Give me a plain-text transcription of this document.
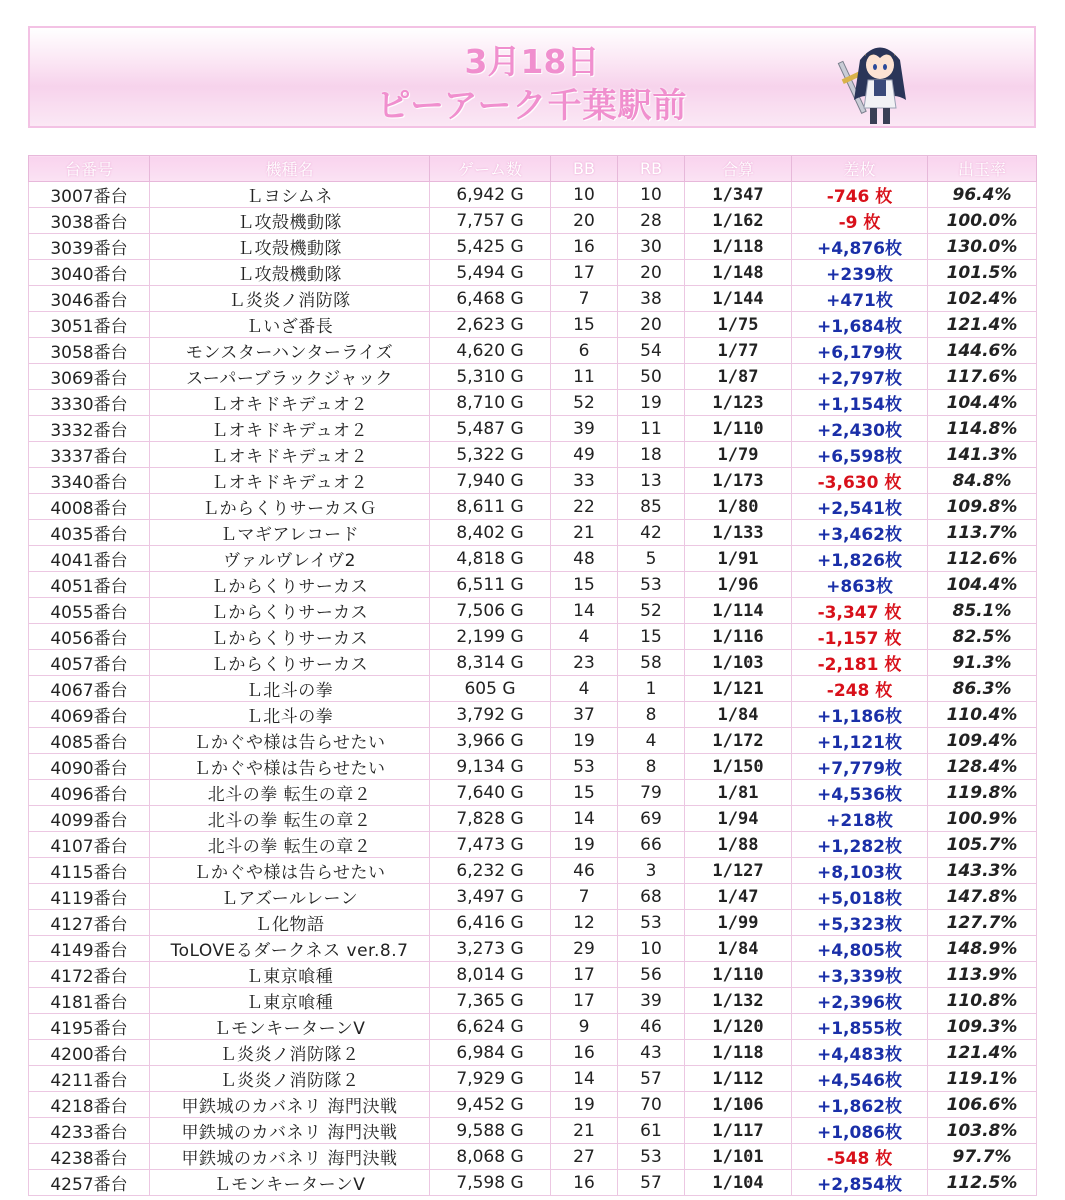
3月18日
ピーアーク千葉駅前
台番号	機種名	ゲーム数	BB	RB	合算	差枚	出玉率
3007番台	Ｌヨシムネ	6,942 G	10	10	1/347	-746 枚	96.4%
3038番台	Ｌ攻殻機動隊	7,757 G	20	28	1/162	-9 枚	100.0%
3039番台	Ｌ攻殻機動隊	5,425 G	16	30	1/118	+4,876枚	130.0%
3040番台	Ｌ攻殻機動隊	5,494 G	17	20	1/148	+239枚	101.5%
3046番台	Ｌ炎炎ノ消防隊	6,468 G	7	38	1/144	+471枚	102.4%
3051番台	Ｌいざ番長	2,623 G	15	20	1/75	+1,684枚	121.4%
3058番台	モンスターハンターライズ	4,620 G	6	54	1/77	+6,179枚	144.6%
3069番台	スーパーブラックジャック	5,310 G	11	50	1/87	+2,797枚	117.6%
3330番台	Ｌオキドキデュオ２	8,710 G	52	19	1/123	+1,154枚	104.4%
3332番台	Ｌオキドキデュオ２	5,487 G	39	11	1/110	+2,430枚	114.8%
3337番台	Ｌオキドキデュオ２	5,322 G	49	18	1/79	+6,598枚	141.3%
3340番台	Ｌオキドキデュオ２	7,940 G	33	13	1/173	-3,630 枚	84.8%
4008番台	ＬからくりサーカスＧ	8,611 G	22	85	1/80	+2,541枚	109.8%
4035番台	Ｌマギアレコード	8,402 G	21	42	1/133	+3,462枚	113.7%
4041番台	ヴァルヴレイヴ2	4,818 G	48	5	1/91	+1,826枚	112.6%
4051番台	Ｌからくりサーカス	6,511 G	15	53	1/96	+863枚	104.4%
4055番台	Ｌからくりサーカス	7,506 G	14	52	1/114	-3,347 枚	85.1%
4056番台	Ｌからくりサーカス	2,199 G	4	15	1/116	-1,157 枚	82.5%
4057番台	Ｌからくりサーカス	8,314 G	23	58	1/103	-2,181 枚	91.3%
4067番台	Ｌ北斗の拳	605 G	4	1	1/121	-248 枚	86.3%
4069番台	Ｌ北斗の拳	3,792 G	37	8	1/84	+1,186枚	110.4%
4085番台	Ｌかぐや様は告らせたい	3,966 G	19	4	1/172	+1,121枚	109.4%
4090番台	Ｌかぐや様は告らせたい	9,134 G	53	8	1/150	+7,779枚	128.4%
4096番台	北斗の拳 転生の章２	7,640 G	15	79	1/81	+4,536枚	119.8%
4099番台	北斗の拳 転生の章２	7,828 G	14	69	1/94	+218枚	100.9%
4107番台	北斗の拳 転生の章２	7,473 G	19	66	1/88	+1,282枚	105.7%
4115番台	Ｌかぐや様は告らせたい	6,232 G	46	3	1/127	+8,103枚	143.3%
4119番台	Ｌアズールレーン	3,497 G	7	68	1/47	+5,018枚	147.8%
4127番台	Ｌ化物語	6,416 G	12	53	1/99	+5,323枚	127.7%
4149番台	ToLOVEるダークネス ver.8.7	3,273 G	29	10	1/84	+4,805枚	148.9%
4172番台	Ｌ東京喰種	8,014 G	17	56	1/110	+3,339枚	113.9%
4181番台	Ｌ東京喰種	7,365 G	17	39	1/132	+2,396枚	110.8%
4195番台	ＬモンキーターンV	6,624 G	9	46	1/120	+1,855枚	109.3%
4200番台	Ｌ炎炎ノ消防隊２	6,984 G	16	43	1/118	+4,483枚	121.4%
4211番台	Ｌ炎炎ノ消防隊２	7,929 G	14	57	1/112	+4,546枚	119.1%
4218番台	甲鉄城のカバネリ 海門決戦	9,452 G	19	70	1/106	+1,862枚	106.6%
4233番台	甲鉄城のカバネリ 海門決戦	9,588 G	21	61	1/117	+1,086枚	103.8%
4238番台	甲鉄城のカバネリ 海門決戦	8,068 G	27	53	1/101	-548 枚	97.7%
4257番台	ＬモンキーターンV	7,598 G	16	57	1/104	+2,854枚	112.5%
